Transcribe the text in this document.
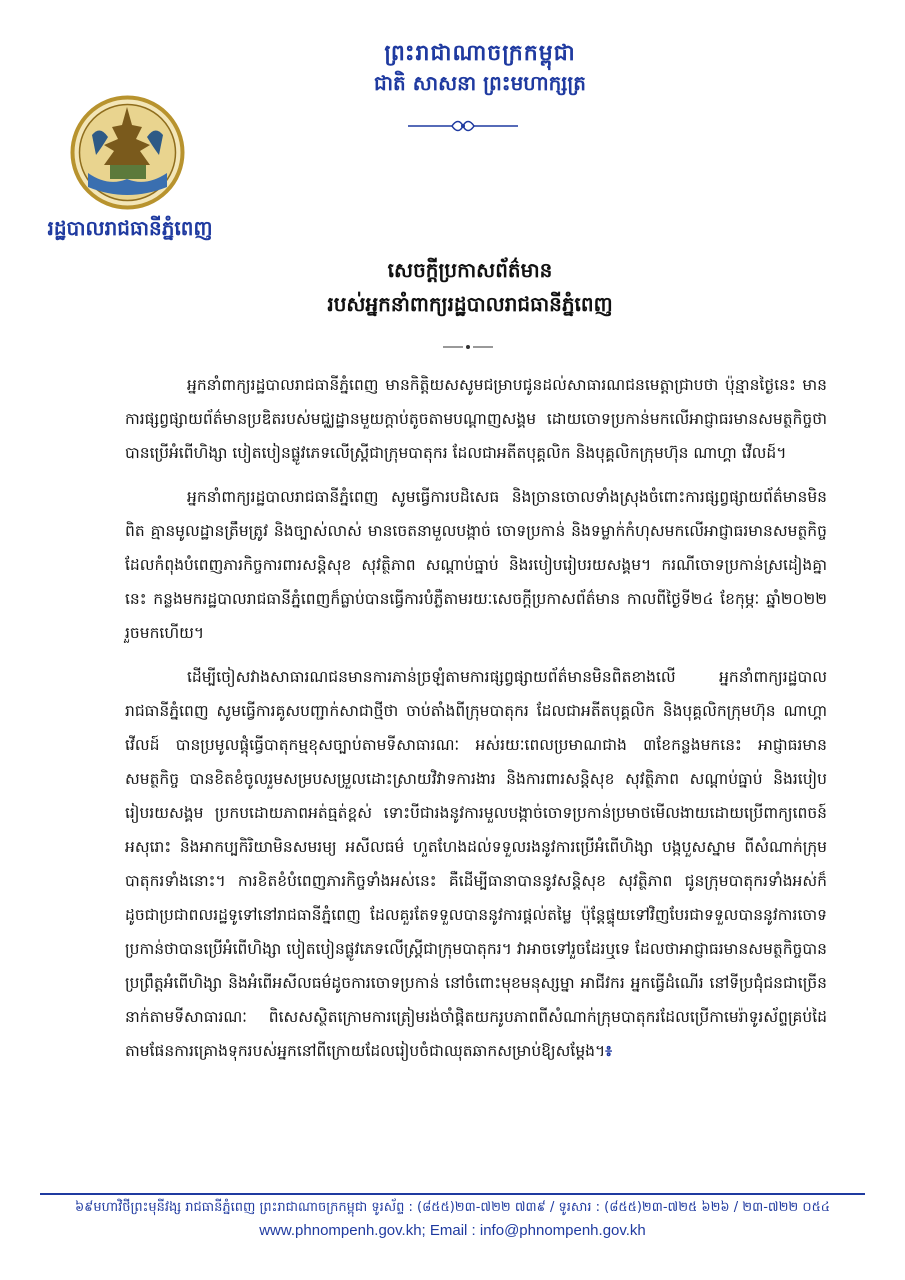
ព្រះរាជាណាចក្រកម្ពុជា
ជាតិ សាសនា ព្រះមហាក្សត្រ
រដ្ឋបាលរាជធានីភ្នំពេញ
សេចក្ដីប្រកាសព័ត៌មាន
របស់អ្នកនាំពាក្យរដ្ឋបាលរាជធានីភ្នំពេញ

អ្នកនាំពាក្យរដ្ឋបាលរាជធានីភ្នំពេញ មានកិត្តិយសសូមជម្រាបជូនដល់សាធារណជនមេត្តាជ្រាបថា ប៉ុន្មានថ្ងៃនេះ មានការផ្សព្វផ្សាយព័ត៌មានប្រឌិតរបស់មជ្ឈដ្ឋានមួយក្ដាប់តូចតាមបណ្ដាញសង្គម ដោយចោទប្រកាន់មកលើអាជ្ញាធរមានសមត្ថកិច្ចថាបានប្រើអំពើហិង្សា បៀតបៀនផ្លូវភេទលើស្ត្រីជាក្រុមបាតុករ ដែលជាអតីតបុគ្គលិក និងបុគ្គលិកក្រុមហ៊ុន ណាហ្គា វើលដ៍។

អ្នកនាំពាក្យរដ្ឋបាលរាជធានីភ្នំពេញ សូមធ្វើការបដិសេធ និងច្រានចោលទាំងស្រុងចំពោះការផ្សព្វផ្សាយព័ត៌មានមិនពិត គ្មានមូលដ្ឋានត្រឹមត្រូវ និងច្បាស់លាស់ មានចេតនាមួលបង្កាច់ ចោទប្រកាន់ និងទម្លាក់កំហុសមកលើអាជ្ញាធរមានសមត្ថកិច្ចដែលកំពុងបំពេញភារកិច្ចការពារសន្តិសុខ សុវត្ថិភាព សណ្ដាប់ធ្នាប់ និងរបៀបរៀបរយសង្គម។ ករណីចោទប្រកាន់ស្រដៀងគ្នានេះ កន្លងមករដ្ឋបាលរាជធានីភ្នំពេញក៏ធ្លាប់បានធ្វើការបំភ្លឺតាមរយៈសេចក្ដីប្រកាសព័ត៌មាន កាលពីថ្ងៃទី២៤ ខែកុម្ភៈ ឆ្នាំ២០២២ រួចមកហើយ។

ដើម្បីចៀសវាងសាធារណជនមានការភាន់ច្រឡំតាមការផ្សព្វផ្សាយព័ត៌មានមិនពិតខាងលើ អ្នកនាំពាក្យរដ្ឋបាលរាជធានីភ្នំពេញ សូមធ្វើការគូសបញ្ជាក់សាជាថ្មីថា ចាប់តាំងពីក្រុមបាតុករ ដែលជាអតីតបុគ្គលិក និងបុគ្គលិកក្រុមហ៊ុន ណាហ្គា វើលដ៍ បានប្រមូលផ្ដុំធ្វើបាតុកម្មខុសច្បាប់តាមទីសាធារណៈ អស់រយៈពេលប្រមាណជាង ៣ខែកន្លងមកនេះ អាជ្ញាធរមានសមត្ថកិច្ច បានខិតខំចូលរួមសម្របសម្រួលដោះស្រាយវិវាទការងារ និងការពារសន្តិសុខ សុវត្ថិភាព សណ្ដាប់ធ្នាប់ និងរបៀបរៀបរយសង្គម ប្រកបដោយភាពអត់ធ្មត់ខ្ពស់ ទោះបីជារងនូវការមួលបង្កាច់ចោទប្រកាន់ប្រមាថមើលងាយដោយប្រើពាក្យពេចន៍អសុរោះ និងអាកប្បកិរិយាមិនសមរម្យ អសីលធម៌ ហួតហែងដល់ទទួលរងនូវការប្រើអំពើហិង្សា បង្កបួសស្នាម ពីសំណាក់ក្រុមបាតុករទាំងនោះ។ ការខិតខំបំពេញភារកិច្ចទាំងអស់នេះ គឺដើម្បីធានាបាននូវសន្តិសុខ សុវត្ថិភាព ជូនក្រុមបាតុករទាំងអស់ក៏ដូចជាប្រជាពលរដ្ឋទូទៅនៅរាជធានីភ្នំពេញ ដែលគួរតែទទួលបាននូវការផ្ដល់តម្លៃ ប៉ុន្តែផ្ទុយទៅវិញបែរជាទទួលបាននូវការចោទប្រកាន់ថាបានប្រើអំពើហិង្សា បៀតបៀនផ្លូវភេទលើស្ត្រីជាក្រុមបាតុករ។ វាអាចទៅរួចដែរឬទេ ដែលថាអាជ្ញាធរមានសមត្ថកិច្ចបានប្រព្រឹត្តអំពើហិង្សា និងអំពើអសីលធម៌ដូចការចោទប្រកាន់ នៅចំពោះមុខមនុស្សម្នា អាជីវករ អ្នកធ្វើដំណើរ នៅទីប្រជុំជនជាច្រើននាក់តាមទីសាធារណៈ ពិសេសស្ថិតក្រោមការត្រៀមរង់ចាំផ្ដិតយករូបភាពពីសំណាក់ក្រុមបាតុករដែលប្រើកាមេរ៉ាទូរស័ព្ទគ្រប់ដៃ តាមផែនការគ្រោងទុករបស់អ្នកនៅពីក្រោយដែលរៀបចំជាឈុតឆាកសម្រាប់ឱ្យសម្ដែង។៖

៦៩មហាវិថីព្រះមុនីវង្ស រាជធានីភ្នំពេញ ព្រះរាជាណាចក្រកម្ពុជា ទូរស័ព្ទ : (៨៥៥)២៣-៧២២ ៧៣៩ / ទូរសារ : (៨៥៥)២៣-៧២៥ ៦២៦ / ២៣-៧២២ ០៥៤
www.phnompenh.gov.kh; Email : info@phnompenh.gov.kh
